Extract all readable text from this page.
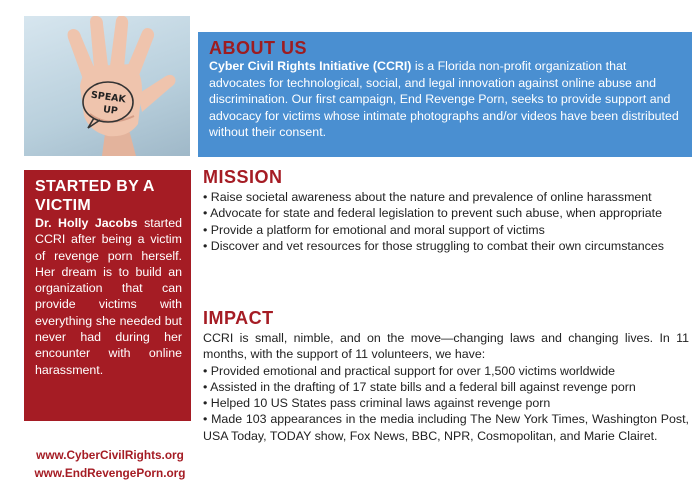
SPEAK
UP
ABOUT US

Cyber Civil Rights Initiative (CCRI) is a Florida non-profit organization that advocates for technological, social, and legal innovation against online abuse and discrimination. Our first campaign, End Revenge Porn, seeks to provide support and advocacy for victims whose intimate photographs and/or videos have been distributed without their consent.

STARTED BY A VICTIM

Dr. Holly Jacobs started CCRI after being a victim of revenge porn herself. Her dream is to build an organization that can provide victims with everything she needed but never had during her encounter with online harassment.

www.CyberCivilRights.org
www.EndRevengePorn.org
MISSION
• Raise societal awareness about the nature and prevalence of online harassment
• Advocate for state and federal legislation to prevent such abuse, when appropriate
• Provide a platform for emotional and moral support of victims
• Discover and vet resources for those struggling to combat their own circumstances
IMPACT
CCRI is small, nimble, and on the move—changing laws and changing lives. In 11 months, with the support of 11 volunteers, we have:
• Provided emotional and practical support for over 1,500 victims worldwide
• Assisted in the drafting of 17 state bills and a federal bill against revenge porn
• Helped 10 US States pass criminal laws against revenge porn
• Made 103 appearances in the media including The New York Times, Washington Post, USA Today, TODAY show, Fox News, BBC, NPR, Cosmopolitan, and Marie Clairet.
